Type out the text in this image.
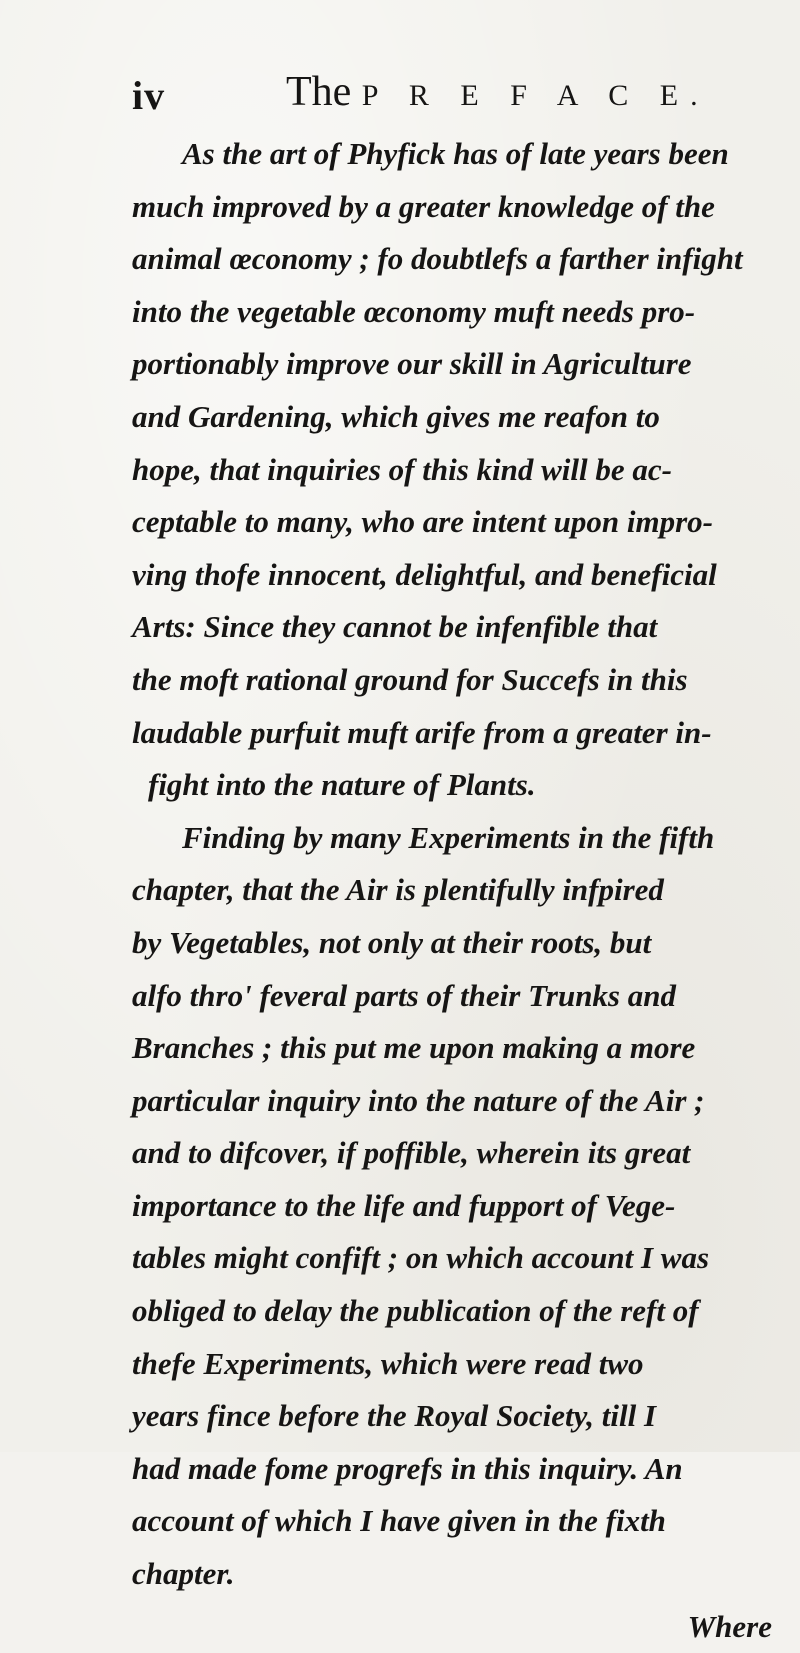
iv	The P R E F A C E.
As the art of Phyfick has of late years been
much improved by a greater knowledge of the
animal œconomy ; fo doubtlefs a farther infight
into the vegetable œconomy muft needs pro-
portionably improve our skill in Agriculture
and Gardening, which gives me reafon to
hope, that inquiries of this kind will be ac-
ceptable to many, who are intent upon impro-
ving thofe innocent, delightful, and beneficial
Arts: Since they cannot be infenfible that
the moft rational ground for Succefs in this
laudable purfuit muft arife from a greater in-
fight into the nature of Plants.
Finding by many Experiments in the fifth
chapter, that the Air is plentifully infpired
by Vegetables, not only at their roots, but
alfo thro' feveral parts of their Trunks and
Branches ; this put me upon making a more
particular inquiry into the nature of the Air ;
and to difcover, if poffible, wherein its great
importance to the life and fupport of Vege-
tables might confift ; on which account I was
obliged to delay the publication of the reft of
thefe Experiments, which were read two
years fince before the Royal Society, till I
had made fome progrefs in this inquiry. An
account of which I have given in the fixth
chapter.
Where
